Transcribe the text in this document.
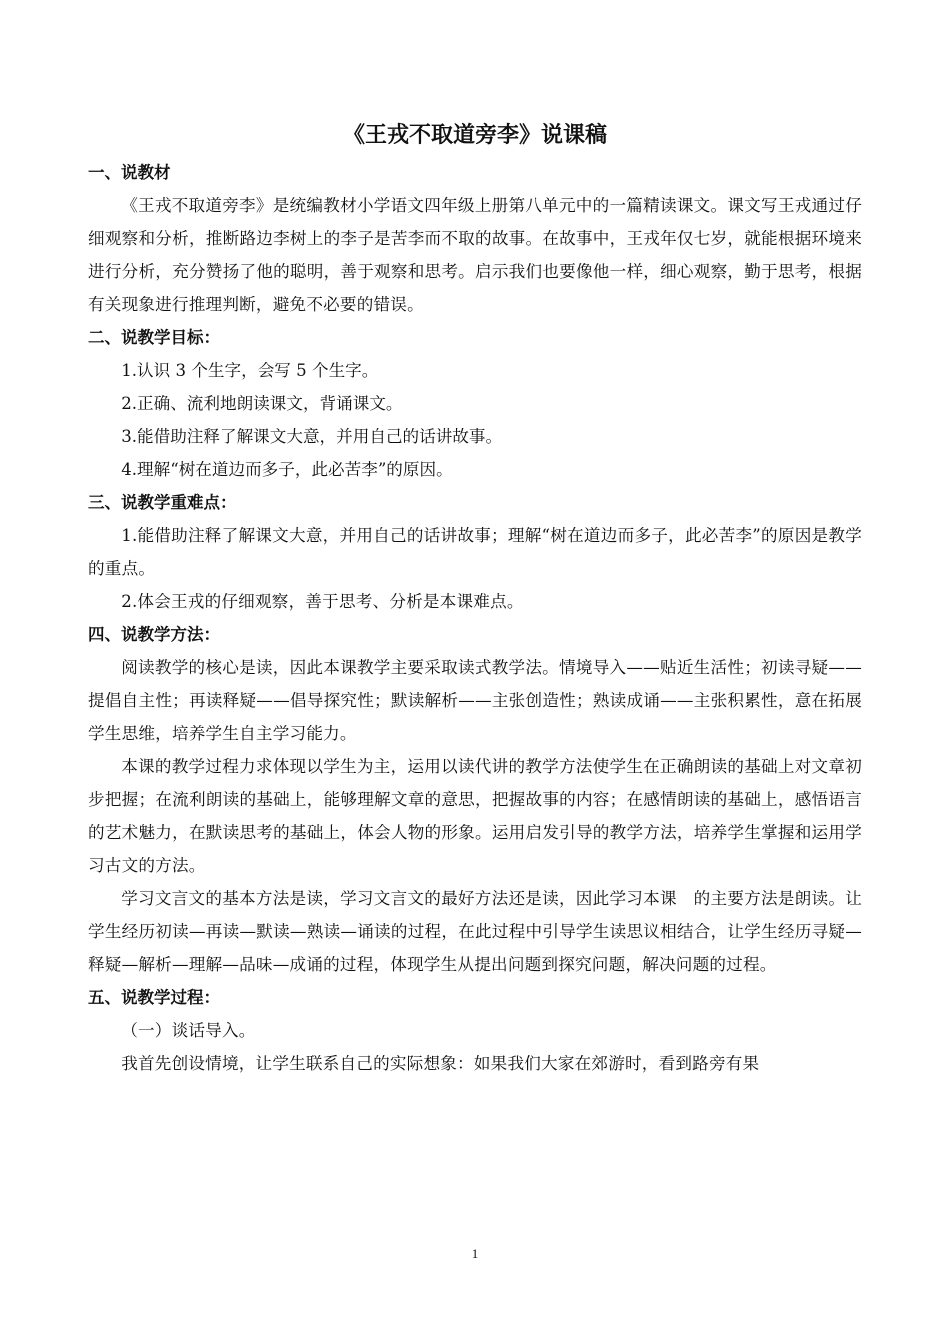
《王戎不取道旁李》说课稿
一、说教材
《王戎不取道旁李》是统编教材小学语文四年级上册第八单元中的一篇精读课文。课文写王戎通过仔细观察和分析，推断路边李树上的李子是苦李而不取的故事。在故事中，王戎年仅七岁，就能根据环境来进行分析，充分赞扬了他的聪明，善于观察和思考。启示我们也要像他一样，细心观察，勤于思考，根据有关现象进行推理判断，避免不必要的错误。
二、说教学目标：
1.认识 3 个生字，会写 5 个生字。
2.正确、流利地朗读课文，背诵课文。
3.能借助注释了解课文大意，并用自己的话讲故事。
4.理解“树在道边而多子，此必苦李”的原因。
三、说教学重难点：
1.能借助注释了解课文大意，并用自己的话讲故事；理解“树在道边而多子，此必苦李”的原因是教学的重点。
2.体会王戎的仔细观察，善于思考、分析是本课难点。
四、说教学方法：
阅读教学的核心是读，因此本课教学主要采取读式教学法。情境导入——贴近生活性；初读寻疑——提倡自主性；再读释疑——倡导探究性；默读解析——主张创造性；熟读成诵——主张积累性，意在拓展学生思维，培养学生自主学习能力。
本课的教学过程力求体现以学生为主，运用以读代讲的教学方法使学生在正确朗读的基础上对文章初步把握；在流利朗读的基础上，能够理解文章的意思，把握故事的内容；在感情朗读的基础上，感悟语言的艺术魅力，在默读思考的基础上，体会人物的形象。运用启发引导的教学方法，培养学生掌握和运用学习古文的方法。
学习文言文的基本方法是读，学习文言文的最好方法还是读，因此学习本课　的主要方法是朗读。让学生经历初读—再读—默读—熟读—诵读的过程，在此过程中引导学生读思议相结合，让学生经历寻疑—释疑—解析—理解—品味—成诵的过程，体现学生从提出问题到探究问题，解决问题的过程。
五、说教学过程：
（一）谈话导入。
我首先创设情境，让学生联系自己的实际想象：如果我们大家在郊游时，看到路旁有果
1
